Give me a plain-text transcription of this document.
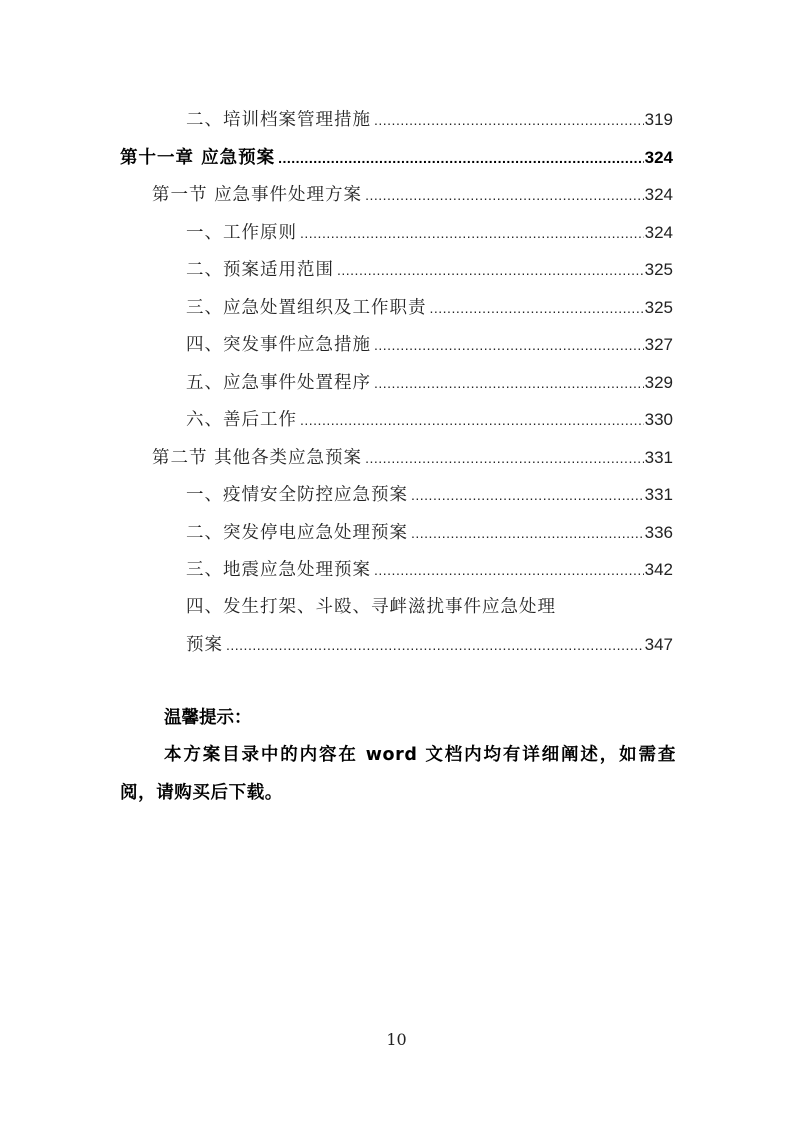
二、培训档案管理措施 .....	319
第十一章 应急预案 .....	324
第一节 应急事件处理方案 .....	324
一、工作原则 .....	324
二、预案适用范围 .....	325
三、应急处置组织及工作职责 .....	325
四、突发事件应急措施 .....	327
五、应急事件处置程序 .....	329
六、善后工作 .....	330
第二节 其他各类应急预案 .....	331
一、疫情安全防控应急预案 .....	331
二、突发停电应急处理预案 .....	336
三、地震应急处理预案 .....	342
四、发生打架、斗殴、寻衅滋扰事件应急处理
预案 .....	347
温馨提示：
本方案目录中的内容在 word 文档内均有详细阐述，如需查阅，请购买后下载。
10
